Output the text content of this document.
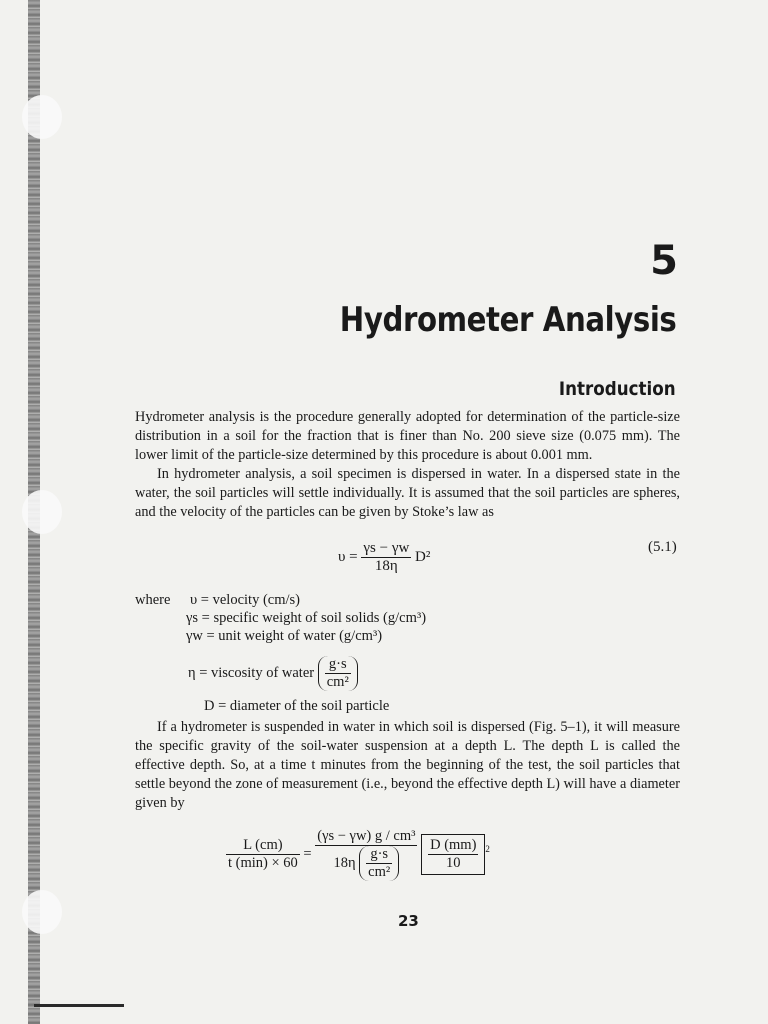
5
Hydrometer Analysis
Introduction
Hydrometer analysis is the procedure generally adopted for determination of the particle-size distribution in a soil for the fraction that is finer than No. 200 sieve size (0.075 mm). The lower limit of the particle-size determined by this procedure is about 0.001 mm.
In hydrometer analysis, a soil specimen is dispersed in water. In a dispersed state in the water, the soil particles will settle individually. It is assumed that the soil particles are spheres, and the velocity of the particles can be given by Stoke’s law as
$\upsilon = \frac{\gamma s - \gamma w}{18\eta} D^2$
(5.1)
where υ = velocity (cm/s)
γs = specific weight of soil solids (g/cm³)
γw = unit weight of water (g/cm³)
η = viscosity of water $\frac{g\cdot s}{\text{cm²}}$
D = diameter of the soil particle
If a hydrometer is suspended in water in which soil is dispersed (Fig. 5–1), it will measure the specific gravity of the soil-water suspension at a depth L. The depth L is called the effective depth. So, at a time t minutes from the beginning of the test, the soil particles that settle beyond the zone of measurement (i.e., beyond the effective depth L) will have a diameter given by
$\frac{L (cm)}{t (\min) \times 60} = \frac{\text{(γs − γw) g / cm³}}{18\eta \frac{g\cdot s}{\text{cm²}}}$
$\frac{D (mm)}{10} ^2$
23
